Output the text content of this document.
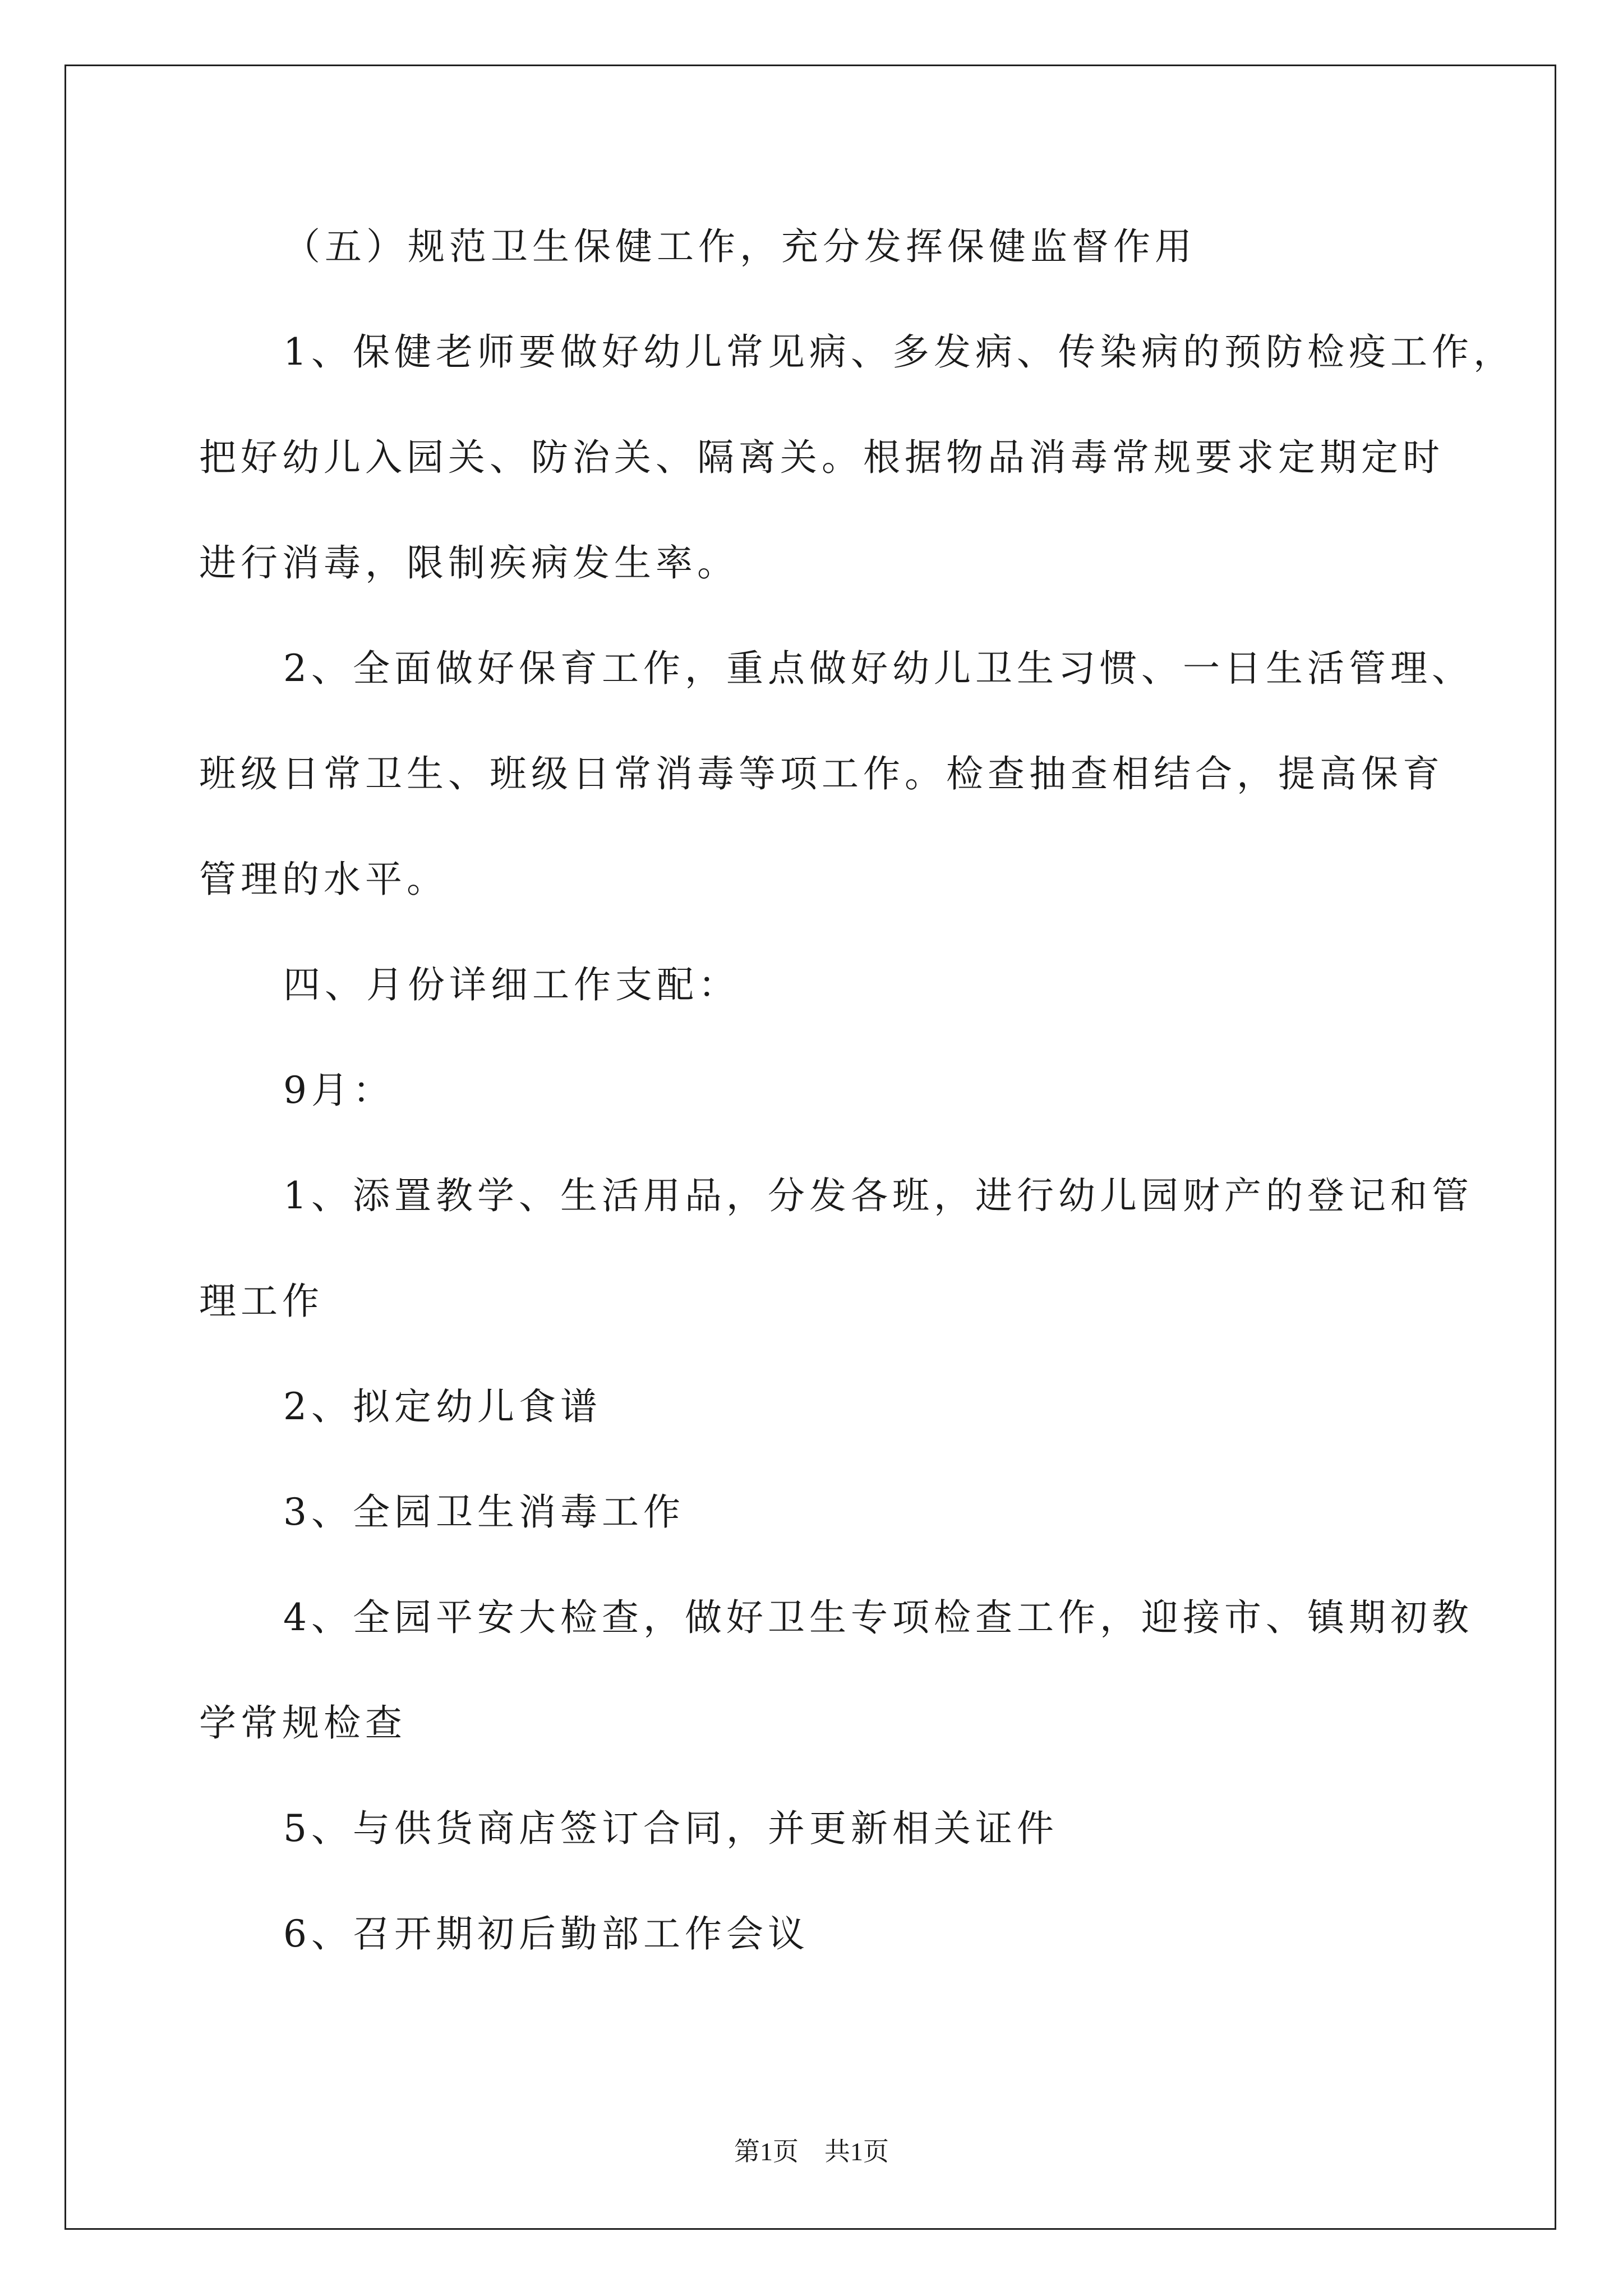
（五）规范卫生保健工作，充分发挥保健监督作用
1、保健老师要做好幼儿常见病、多发病、传染病的预防检疫工作，
把好幼儿入园关、防治关、隔离关。根据物品消毒常规要求定期定时
进行消毒，限制疾病发生率。
2、全面做好保育工作，重点做好幼儿卫生习惯、一日生活管理、
班级日常卫生、班级日常消毒等项工作。检查抽查相结合，提高保育
管理的水平。
四、月份详细工作支配：
9月：
1、添置教学、生活用品，分发各班，进行幼儿园财产的登记和管
理工作
2、拟定幼儿食谱
3、全园卫生消毒工作
4、全园平安大检查，做好卫生专项检查工作，迎接市、镇期初教
学常规检查
5、与供货商店签订合同，并更新相关证件
6、召开期初后勤部工作会议
第1页　共1页
